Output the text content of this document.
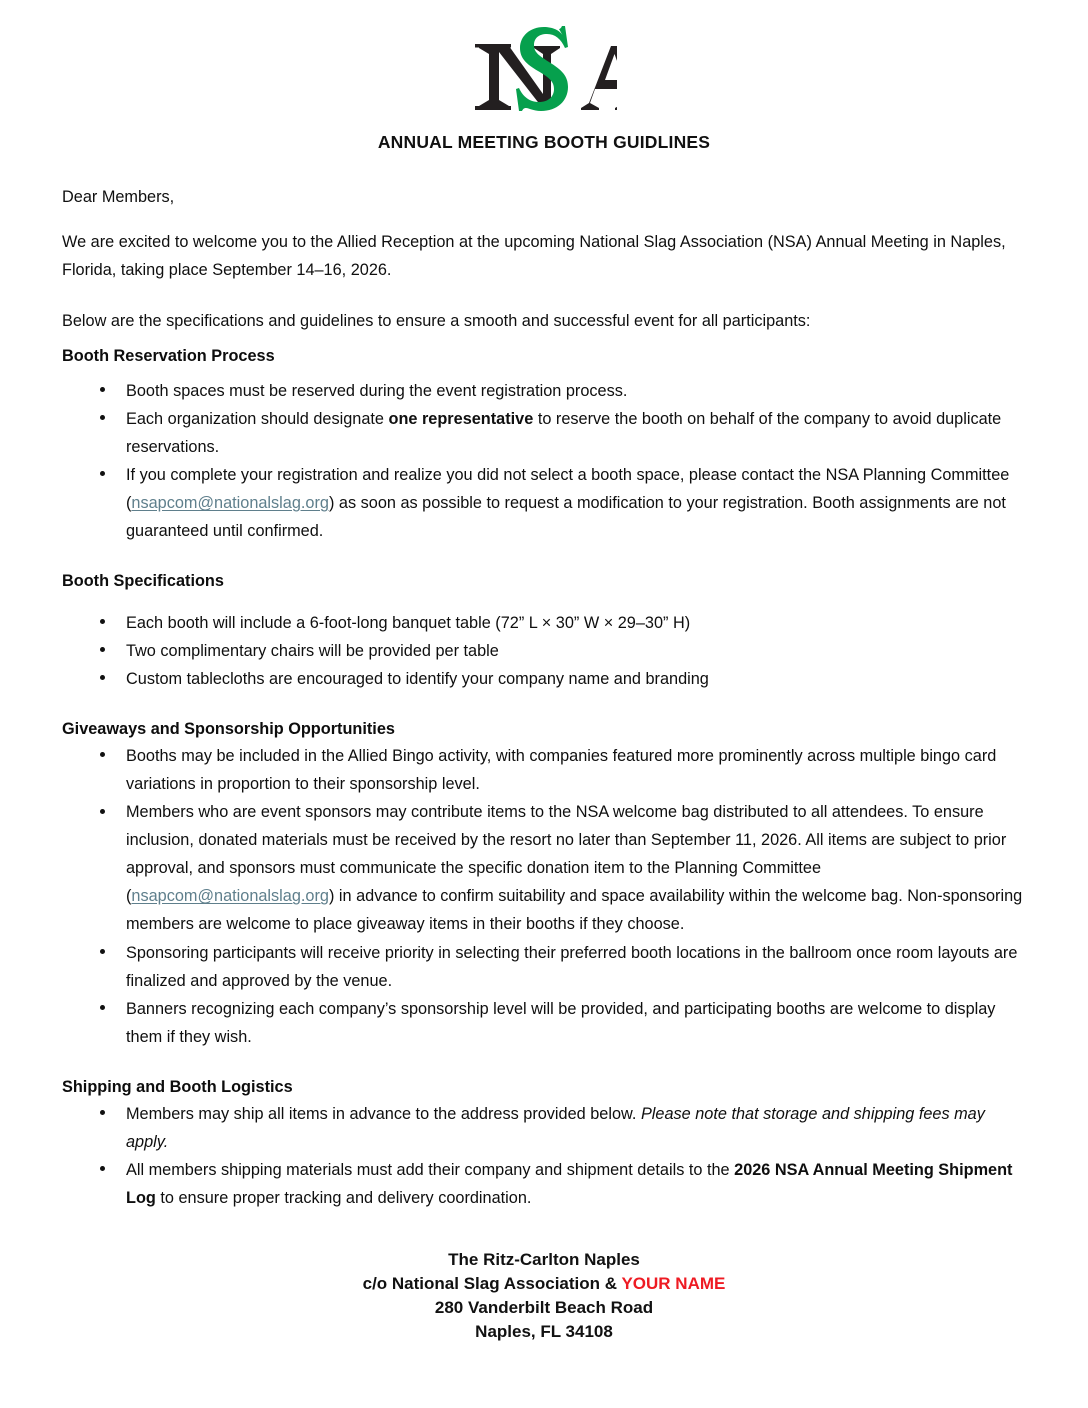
ANNUAL MEETING BOOTH GUIDLINES

Dear Members,

We are excited to welcome you to the Allied Reception at the upcoming National Slag Association (NSA) Annual Meeting in Naples, Florida, taking place September 14–16, 2026.

Below are the specifications and guidelines to ensure a smooth and successful event for all participants:

Booth Reservation Process
Booth spaces must be reserved during the event registration process.
Each organization should designate one representative to reserve the booth on behalf of the company to avoid duplicate reservations.
If you complete your registration and realize you did not select a booth space, please contact the NSA Planning Committee (nsapcom@nationalslag.org) as soon as possible to request a modification to your registration. Booth assignments are not guaranteed until confirmed.
Booth Specifications
Each booth will include a 6-foot-long banquet table (72” L × 30” W × 29–30” H)
Two complimentary chairs will be provided per table
Custom tablecloths are encouraged to identify your company name and branding
Giveaways and Sponsorship Opportunities
Booths may be included in the Allied Bingo activity, with companies featured more prominently across multiple bingo card variations in proportion to their sponsorship level.
Members who are event sponsors may contribute items to the NSA welcome bag distributed to all attendees. To ensure inclusion, donated materials must be received by the resort no later than September 11, 2026. All items are subject to prior approval, and sponsors must communicate the specific donation item to the Planning Committee (nsapcom@nationalslag.org) in advance to confirm suitability and space availability within the welcome bag. Non-sponsoring members are welcome to place giveaway items in their booths if they choose.
Sponsoring participants will receive priority in selecting their preferred booth locations in the ballroom once room layouts are finalized and approved by the venue.
Banners recognizing each company’s sponsorship level will be provided, and participating booths are welcome to display them if they wish.
Shipping and Booth Logistics
Members may ship all items in advance to the address provided below. Please note that storage and shipping fees may apply.
All members shipping materials must add their company and shipment details to the 2026 NSA Annual Meeting Shipment Log to ensure proper tracking and delivery coordination.
The Ritz-Carlton Naples
c/o National Slag Association & YOUR NAME
280 Vanderbilt Beach Road
Naples, FL 34108
